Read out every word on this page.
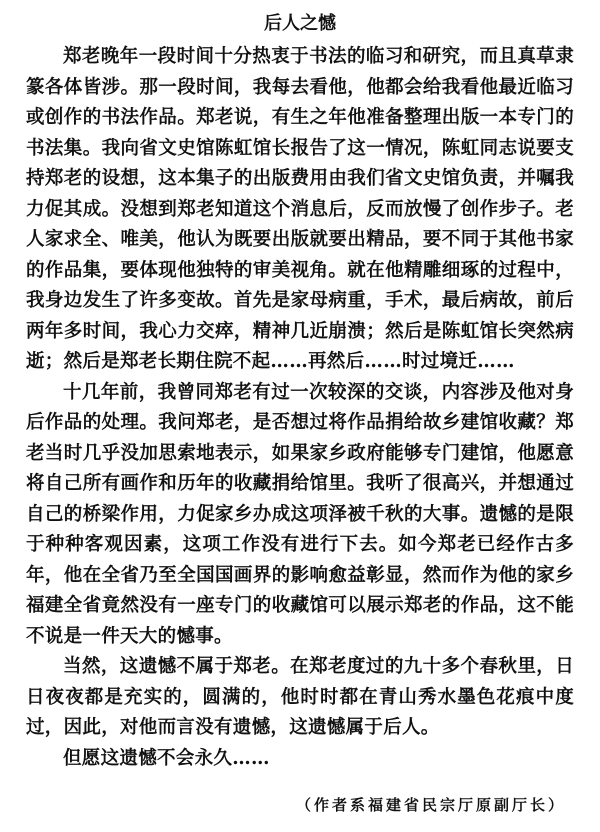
后人之憾

郑老晚年一段时间十分热衷于书法的临习和研究，而且真草隶篆各体皆涉。那一段时间，我每去看他，他都会给我看他最近临习或创作的书法作品。郑老说，有生之年他准备整理出版一本专门的书法集。我向省文史馆陈虹馆长报告了这一情况，陈虹同志说要支持郑老的设想，这本集子的出版费用由我们省文史馆负责，并嘱我力促其成。没想到郑老知道这个消息后，反而放慢了创作步子。老人家求全、唯美，他认为既要出版就要出精品，要不同于其他书家的作品集，要体现他独特的审美视角。就在他精雕细琢的过程中，我身边发生了许多变故。首先是家母病重，手术，最后病故，前后两年多时间，我心力交瘁，精神几近崩溃；然后是陈虹馆长突然病逝；然后是郑老长期住院不起……再然后……时过境迁……

十几年前，我曾同郑老有过一次较深的交谈，内容涉及他对身后作品的处理。我问郑老，是否想过将作品捐给故乡建馆收藏？郑老当时几乎没加思索地表示，如果家乡政府能够专门建馆，他愿意将自己所有画作和历年的收藏捐给馆里。我听了很高兴，并想通过自己的桥梁作用，力促家乡办成这项泽被千秋的大事。遗憾的是限于种种客观因素，这项工作没有进行下去。如今郑老已经作古多年，他在全省乃至全国国画界的影响愈益彰显，然而作为他的家乡福建全省竟然没有一座专门的收藏馆可以展示郑老的作品，这不能不说是一件天大的憾事。

当然，这遗憾不属于郑老。在郑老度过的九十多个春秋里，日日夜夜都是充实的，圆满的，他时时都在青山秀水墨色花痕中度过，因此，对他而言没有遗憾，这遗憾属于后人。

但愿这遗憾不会永久……

（作者系福建省民宗厅原副厅长）
